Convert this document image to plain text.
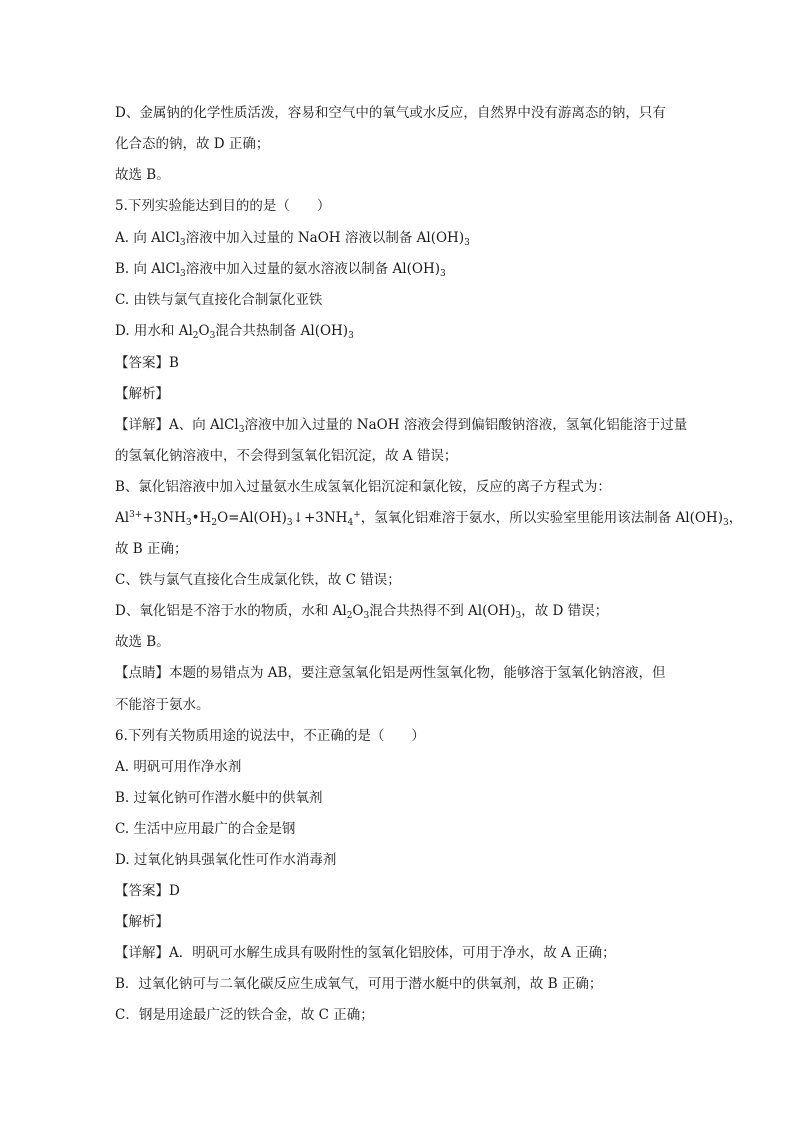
D、金属钠的化学性质活泼，容易和空气中的氧气或水反应，自然界中没有游离态的钠，只有
化合态的钠，故 D 正确；
故选 B。
5.下列实验能达到目的的是（　　）
A. 向 AlCl$_3$溶液中加入过量的 NaOH 溶液以制备 $Al(OH)_3$
B. 向 AlCl$_3$溶液中加入过量的氨水溶液以制备 $Al(OH)_3$
C. 由铁与氯气直接化合制氯化亚铁
D. 用水和 $Al_2O_3$混合共热制备 $Al(OH)_3$
【答案】B
【解析】
【详解】A、向 AlCl$_3$溶液中加入过量的 NaOH 溶液会得到偏铝酸钠溶液，氢氧化铝能溶于过量
的氢氧化钠溶液中，不会得到氢氧化铝沉淀，故 A 错误；
B、氯化铝溶液中加入过量氨水生成氢氧化铝沉淀和氯化铵，反应的离子方程式为：
$Al^{3+}+3NH_3•H_2O=Al(OH)_3↓+3NH_4^+$，氢氧化铝难溶于氨水，所以实验室里能用该法制备 $Al(OH)_3$，
故 B 正确；
C、铁与氯气直接化合生成氯化铁，故 C 错误；
D、氧化铝是不溶于水的物质，水和 $Al_2O_3$混合共热得不到 $Al(OH)_3$，故 D 错误；
故选 B。
【点睛】本题的易错点为 AB，要注意氢氧化铝是两性氢氧化物，能够溶于氢氧化钠溶液，但
不能溶于氨水。
6.下列有关物质用途的说法中，不正确的是（　　）
A. 明矾可用作净水剂
B. 过氧化钠可作潜水艇中的供氧剂
C. 生活中应用最广的合金是钢
D. 过氧化钠具强氧化性可作水消毒剂
【答案】D
【解析】
【详解】A．明矾可水解生成具有吸附性的氢氧化铝胶体，可用于净水，故 A 正确；
B．过氧化钠可与二氧化碳反应生成氧气，可用于潜水艇中的供氧剂，故 B 正确；
C．钢是用途最广泛的铁合金，故 C 正确；
